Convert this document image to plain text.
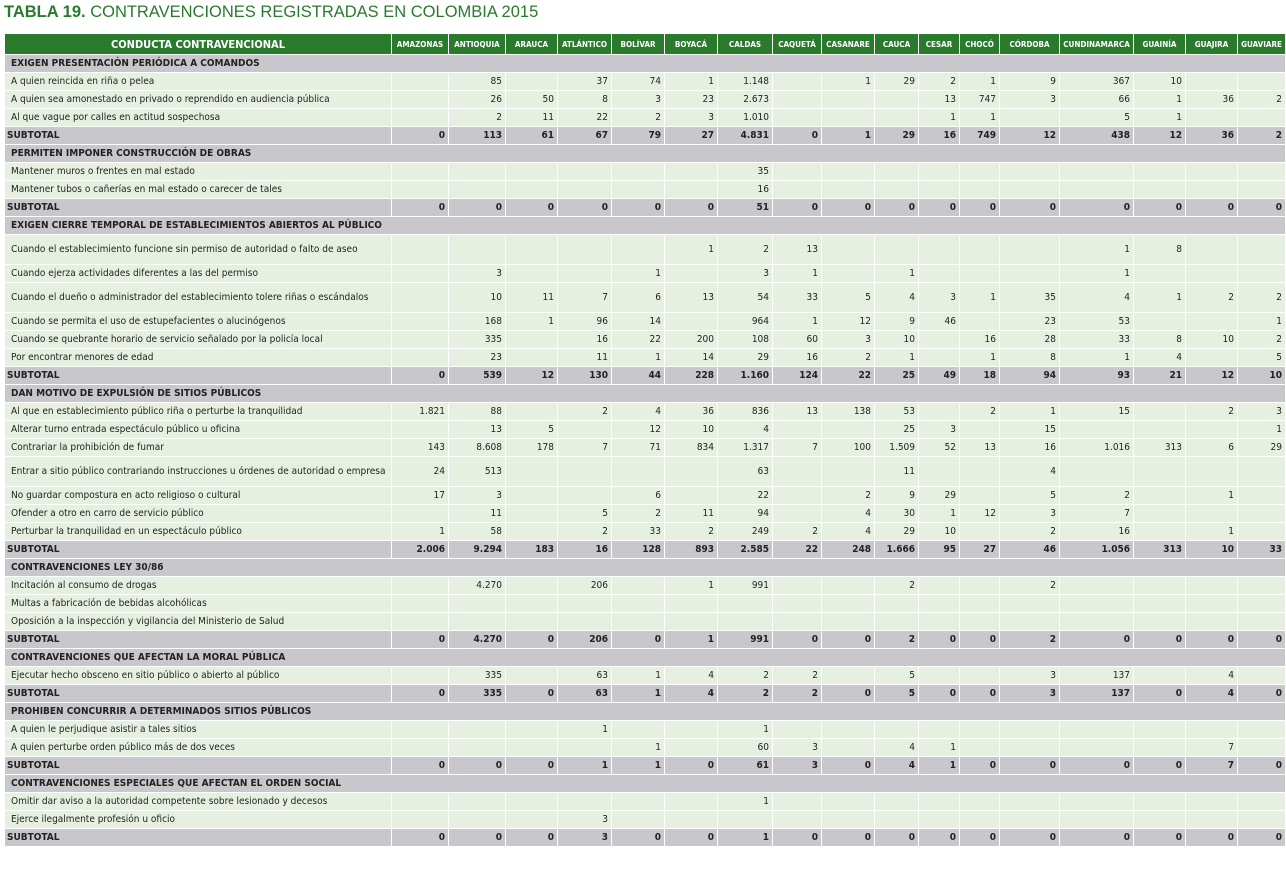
TABLA 19. CONTRAVENCIONES REGISTRADAS EN COLOMBIA 2015
CONDUCTA CONTRAVENCIONAL	AMAZONAS	ANTIOQUIA	ARAUCA	ATLÁNTICO	BOLÍVAR	BOYACÁ	CALDAS	CAQUETÁ	CASANARE	CAUCA	CESAR	CHOCÓ	CÓRDOBA	CUNDINAMARCA	GUAINÍA	GUAJIRA	GUAVIARE
EXIGEN PRESENTACIÓN PERIÓDICA A COMANDOS																	
A quien reincida en riña o pelea		85		37	74	1	1.148		1	29	2	1	9	367	10		
A quien sea amonestado en privado o reprendido en audiencia pública		26	50	8	3	23	2.673				13	747	3	66	1	36	2
Al que vague por calles en actitud sospechosa		2	11	22	2	3	1.010				1	1		5	1		
SUBTOTAL	0	113	61	67	79	27	4.831	0	1	29	16	749	12	438	12	36	2
PERMITEN IMPONER CONSTRUCCIÓN DE OBRAS																	
Mantener muros o frentes en mal estado							35										
Mantener tubos o cañerías en mal estado o carecer de tales							16										
SUBTOTAL	0	0	0	0	0	0	51	0	0	0	0	0	0	0	0	0	0
EXIGEN CIERRE TEMPORAL DE ESTABLECIMIENTOS ABIERTOS AL PÚBLICO																	
Cuando el establecimiento funcione sin permiso de autoridad o falto de aseo						1	2	13						1	8		
Cuando ejerza actividades diferentes a las del permiso		3			1		3	1		1				1			
Cuando el dueño o administrador del establecimiento tolere riñas o escándalos		10	11	7	6	13	54	33	5	4	3	1	35	4	1	2	2
Cuando se permita el uso de estupefacientes o alucinógenos		168	1	96	14		964	1	12	9	46		23	53			1
Cuando se quebrante horario de servicio señalado por la policía local		335		16	22	200	108	60	3	10		16	28	33	8	10	2
Por encontrar menores de edad		23		11	1	14	29	16	2	1		1	8	1	4		5
SUBTOTAL	0	539	12	130	44	228	1.160	124	22	25	49	18	94	93	21	12	10
DAN MOTIVO DE EXPULSIÓN DE SITIOS PÚBLICOS																	
Al que en establecimiento público riña o perturbe la tranquilidad	1.821	88		2	4	36	836	13	138	53		2	1	15		2	3
Alterar turno entrada espectáculo público u oficina		13	5		12	10	4			25	3		15				1
Contrariar la prohibición de fumar	143	8.608	178	7	71	834	1.317	7	100	1.509	52	13	16	1.016	313	6	29
Entrar a sitio público contrariando instrucciones u órdenes de autoridad o empresa	24	513					63			11			4				
No guardar compostura en acto religioso o cultural	17	3			6		22		2	9	29		5	2		1	
Ofender a otro en carro de servicio público		11		5	2	11	94		4	30	1	12	3	7			
Perturbar la tranquilidad en un espectáculo público	1	58		2	33	2	249	2	4	29	10		2	16		1	
SUBTOTAL	2.006	9.294	183	16	128	893	2.585	22	248	1.666	95	27	46	1.056	313	10	33
CONTRAVENCIONES LEY 30/86																	
Incitación al consumo de drogas		4.270		206		1	991			2			2				
Multas a fabricación de bebidas alcohólicas																	
Oposición a la inspección y vigilancia del Ministerio de Salud																	
SUBTOTAL	0	4.270	0	206	0	1	991	0	0	2	0	0	2	0	0	0	0
CONTRAVENCIONES QUE AFECTAN LA MORAL PÚBLICA																	
Ejecutar hecho obsceno en sitio público o abierto al público		335		63	1	4	2	2		5			3	137		4	
SUBTOTAL	0	335	0	63	1	4	2	2	0	5	0	0	3	137	0	4	0
PROHIBEN CONCURRIR A DETERMINADOS SITIOS PÚBLICOS																	
A quien le perjudique asistir a tales sitios				1			1										
A quien perturbe orden público más de dos veces					1		60	3		4	1					7	
SUBTOTAL	0	0	0	1	1	0	61	3	0	4	1	0	0	0	0	7	0
CONTRAVENCIONES ESPECIALES QUE AFECTAN EL ORDEN SOCIAL																	
Omitir dar aviso a la autoridad competente sobre lesionado y decesos							1										
Ejerce ilegalmente profesión u oficio				3													
SUBTOTAL	0	0	0	3	0	0	1	0	0	0	0	0	0	0	0	0	0
